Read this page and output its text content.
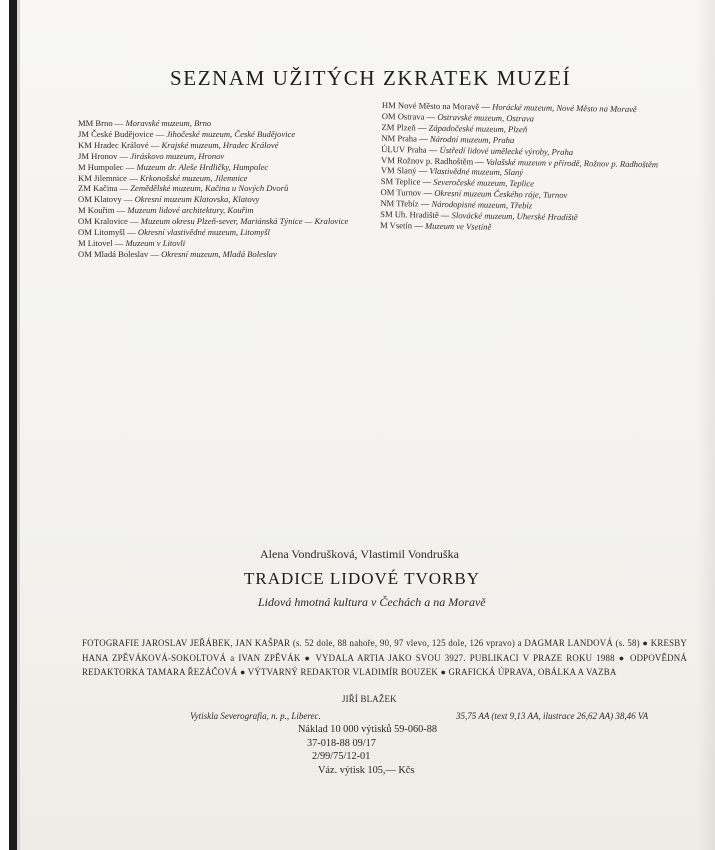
SEZNAM UŽITÝCH ZKRATEK MUZEÍ
MM Brno — Moravské muzeum, Brno
JM České Budějovice — Jihočeské muzeum, České Budějovice
KM Hradec Králové — Krajské muzeum, Hradec Králové
JM Hronov — Jiráskovo muzeum, Hronov
M Humpolec — Muzeum dr. Aleše Hrdličky, Humpolec
KM Jilemnice — Krkonošské muzeum, Jilemnice
ZM Kačina — Zemědělské muzeum, Kačina u Nových Dvorů
OM Klatovy — Okresní muzeum Klatovska, Klatovy
M Kouřim — Muzeum lidové architektury, Kouřim
OM Kralovice — Muzeum okresu Plzeň-sever, Mariánská Týnice — Kralovice
OM Litomyšl — Okresní vlastivědné muzeum, Litomyšl
M Litovel — Muzeum v Litovli
OM Mladá Boleslav — Okresní muzeum, Mladá Boleslav
HM Nové Město na Moravě — Horácké muzeum, Nové Město na Moravě
OM Ostrava — Ostravské muzeum, Ostrava
ZM Plzeň — Západočeské muzeum, Plzeň
NM Praha — Národní muzeum, Praha
ÚLUV Praha — Ústředí lidové umělecké výroby, Praha
VM Rožnov p. Radhoštěm — Valašské muzeum v přírodě, Rožnov p. Radhoštěm
VM Slaný — Vlastivědné muzeum, Slaný
SM Teplice — Severočeské muzeum, Teplice
OM Turnov — Okresní muzeum Českého ráje, Turnov
NM Třebíz — Národopisné muzeum, Třebíz
SM Uh. Hradiště — Slovácké muzeum, Uherské Hradiště
M Vsetín — Muzeum ve Vsetíně
Alena Vondrušková, Vlastimil Vondruška
TRADICE LIDOVÉ TVORBY
Lidová hmotná kultura v Čechách a na Moravě
FOTOGRAFIE JAROSLAV JEŘÁBEK, JAN KAŠPAR (s. 52 dole, 88 nahoře, 90, 97 vlevo, 125 dole, 126 vpravo) a DAGMAR LANDOVÁ (s. 58) ● KRESBY HANA ZPĚVÁKOVÁ-SOKOLTOVÁ a IVAN ZPĚVÁK ● VYDALA ARTIA JAKO SVOU 3927. PUBLIKACI V PRAZE ROKU 1988 ● ODPOVĚDNÁ REDAKTORKA TAMARA ŘEZÁČOVÁ ● VÝTVARNÝ REDAKTOR VLADIMÍR BOUZEK ● GRAFICKÁ ÚPRAVA, OBÁLKA A VAZBA
JIŘÍ BLAŽEK
Vytiskla Severografia, n. p., Liberec.	35,75 AA (text 9,13 AA, ilustrace 26,62 AA) 38,46 VA
Náklad 10 000 výtisků 59-060-88
37-018-88 09/17
2/99/75/12-01
Váz. výtisk 105,— Kčs
